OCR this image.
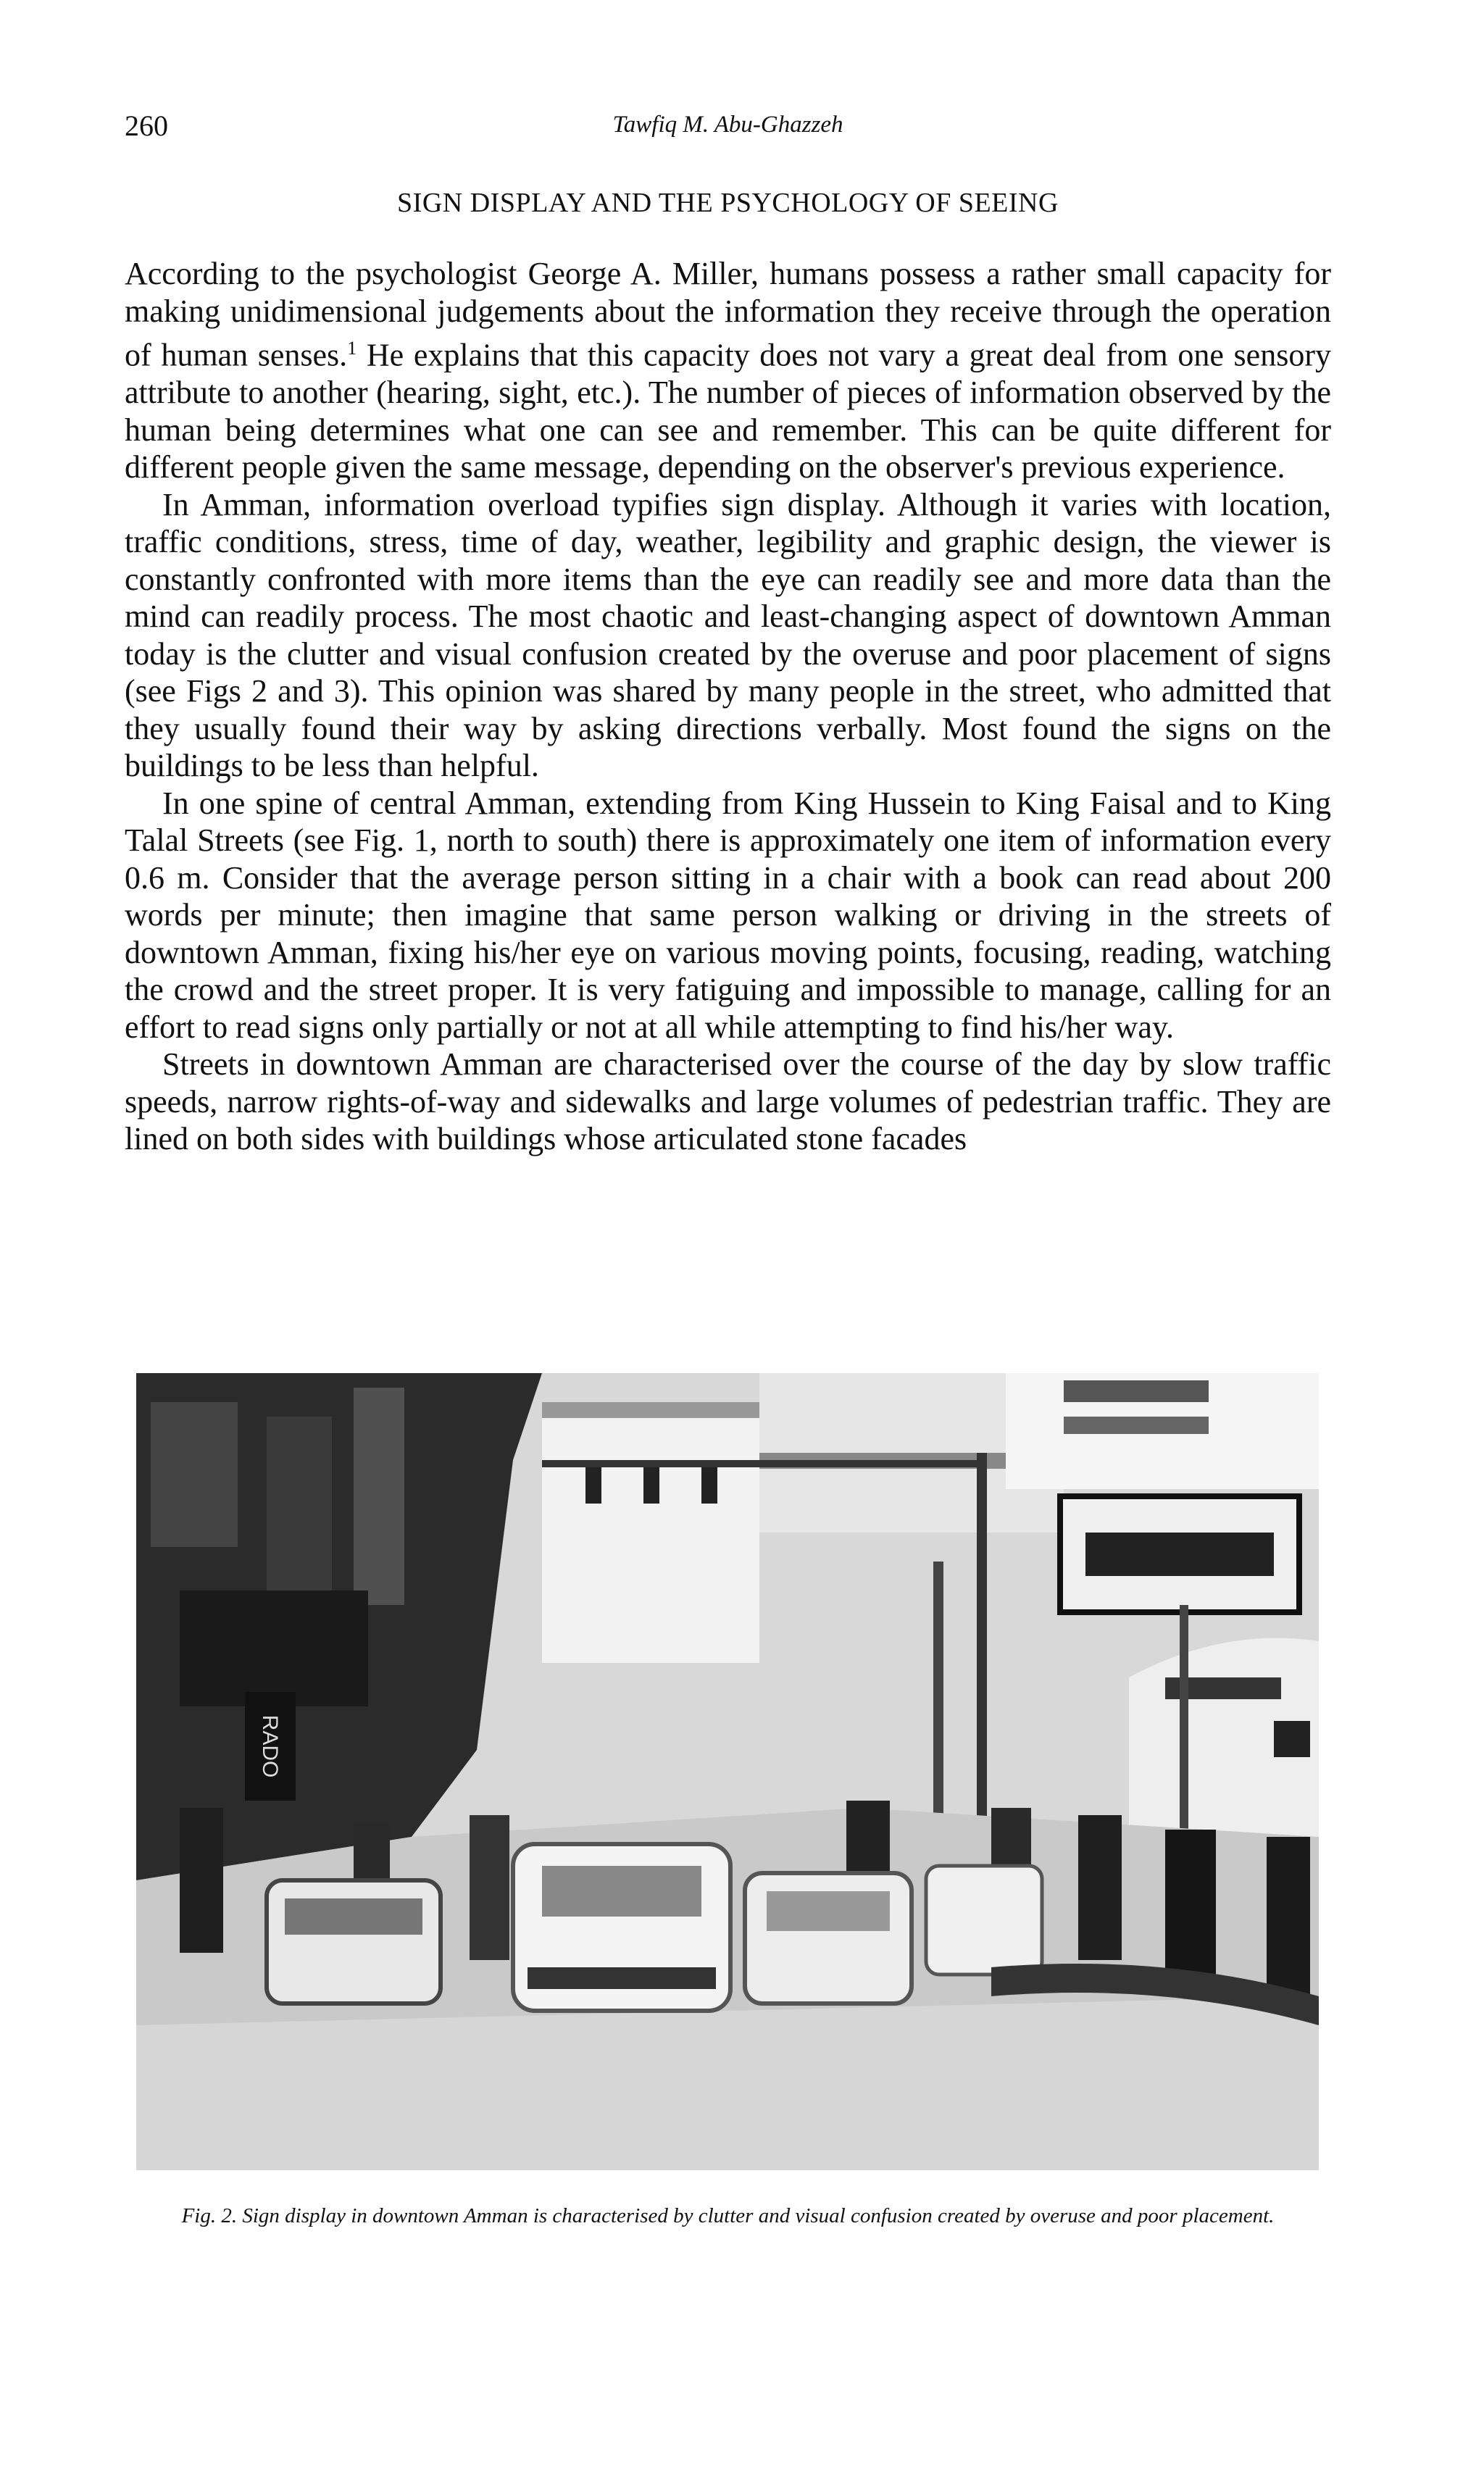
260	Tawfiq M. Abu-Ghazzeh
SIGN DISPLAY AND THE PSYCHOLOGY OF SEEING

According to the psychologist George A. Miller, humans possess a rather small capacity for making unidimensional judgements about the information they receive through the operation of human senses.$^1$ He explains that this capacity does not vary a great deal from one sensory attribute to another (hearing, sight, etc.). The number of pieces of information observed by the human being determines what one can see and remember. This can be quite different for different people given the same message, depending on the observer's previous experience.

In Amman, information overload typifies sign display. Although it varies with location, traffic conditions, stress, time of day, weather, legibility and graphic design, the viewer is constantly confronted with more items than the eye can readily see and more data than the mind can readily process. The most chaotic and least-changing aspect of downtown Amman today is the clutter and visual confusion created by the overuse and poor placement of signs (see Figs 2 and 3). This opinion was shared by many people in the street, who admitted that they usually found their way by asking directions verbally. Most found the signs on the buildings to be less than helpful.

In one spine of central Amman, extending from King Hussein to King Faisal and to King Talal Streets (see Fig. 1, north to south) there is approximately one item of information every 0.6 m. Consider that the average person sitting in a chair with a book can read about 200 words per minute; then imagine that same person walking or driving in the streets of downtown Amman, fixing his/her eye on various moving points, focusing, reading, watching the crowd and the street proper. It is very fatiguing and impossible to manage, calling for an effort to read signs only partially or not at all while attempting to find his/her way.

Streets in downtown Amman are characterised over the course of the day by slow traffic speeds, narrow rights-of-way and sidewalks and large volumes of pedestrian traffic. They are lined on both sides with buildings whose articulated stone facades

RADO
Fig. 2. Sign display in downtown Amman is characterised by clutter and visual confusion created by overuse and poor placement.
